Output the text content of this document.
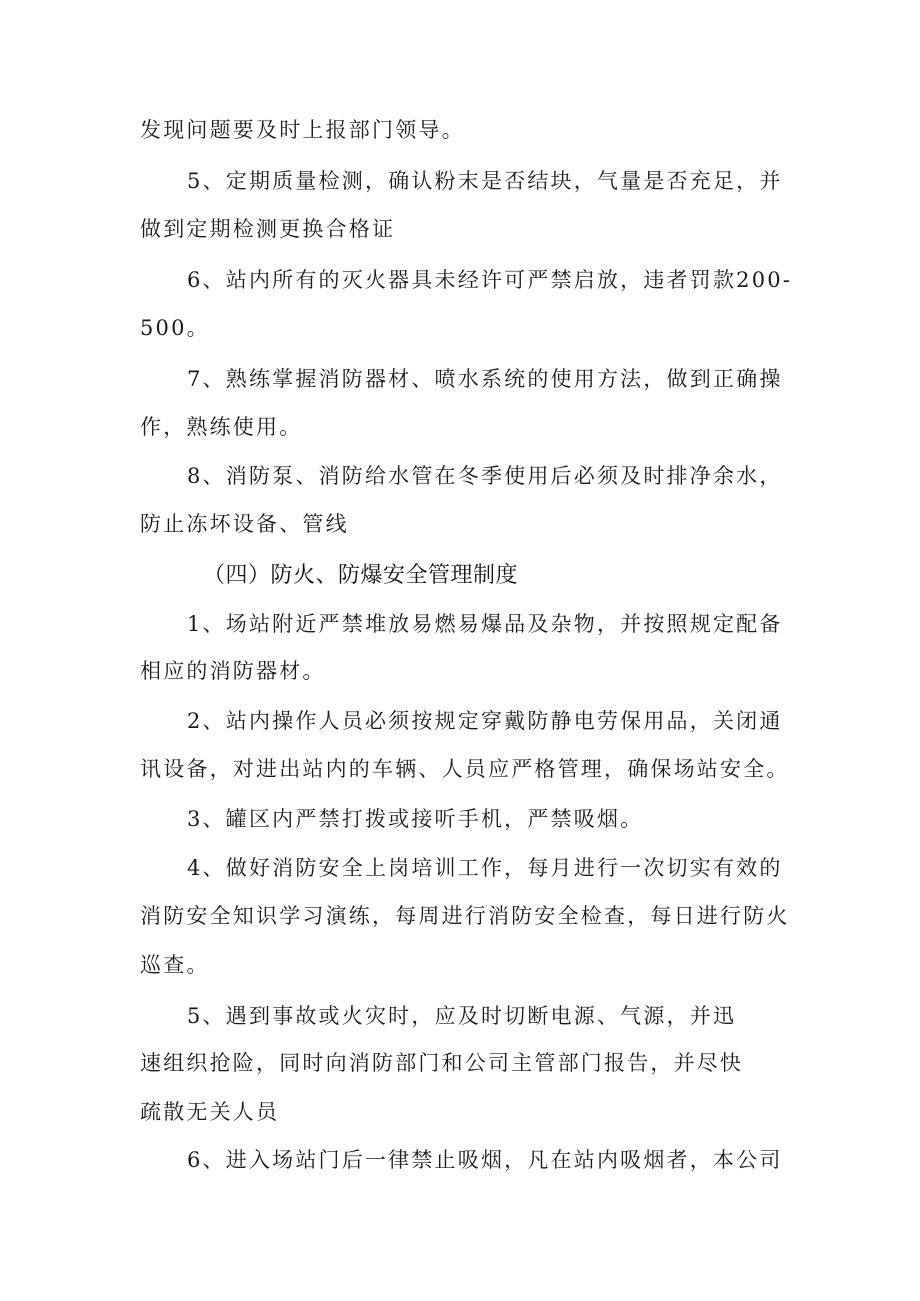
发现问题要及时上报部门领导。
5、定期质量检测，确认粉末是否结块，气量是否充足，并
做到定期检测更换合格证
6、站内所有的灭火器具未经许可严禁启放，违者罚款200-
500。
7、熟练掌握消防器材、喷水系统的使用方法，做到正确操
作，熟练使用。
8、消防泵、消防给水管在冬季使用后必须及时排净余水，
防止冻坏设备、管线
（四）防火、防爆安全管理制度
1、场站附近严禁堆放易燃易爆品及杂物，并按照规定配备
相应的消防器材。
2、站内操作人员必须按规定穿戴防静电劳保用品，关闭通
讯设备，对进出站内的车辆、人员应严格管理，确保场站安全。
3、罐区内严禁打拨或接听手机，严禁吸烟。
4、做好消防安全上岗培训工作，每月进行一次切实有效的
消防安全知识学习演练，每周进行消防安全检查，每日进行防火
巡查。
5、遇到事故或火灾时，应及时切断电源、气源，并迅
速组织抢险，同时向消防部门和公司主管部门报告，并尽快
疏散无关人员
6、进入场站门后一律禁止吸烟，凡在站内吸烟者，本公司
